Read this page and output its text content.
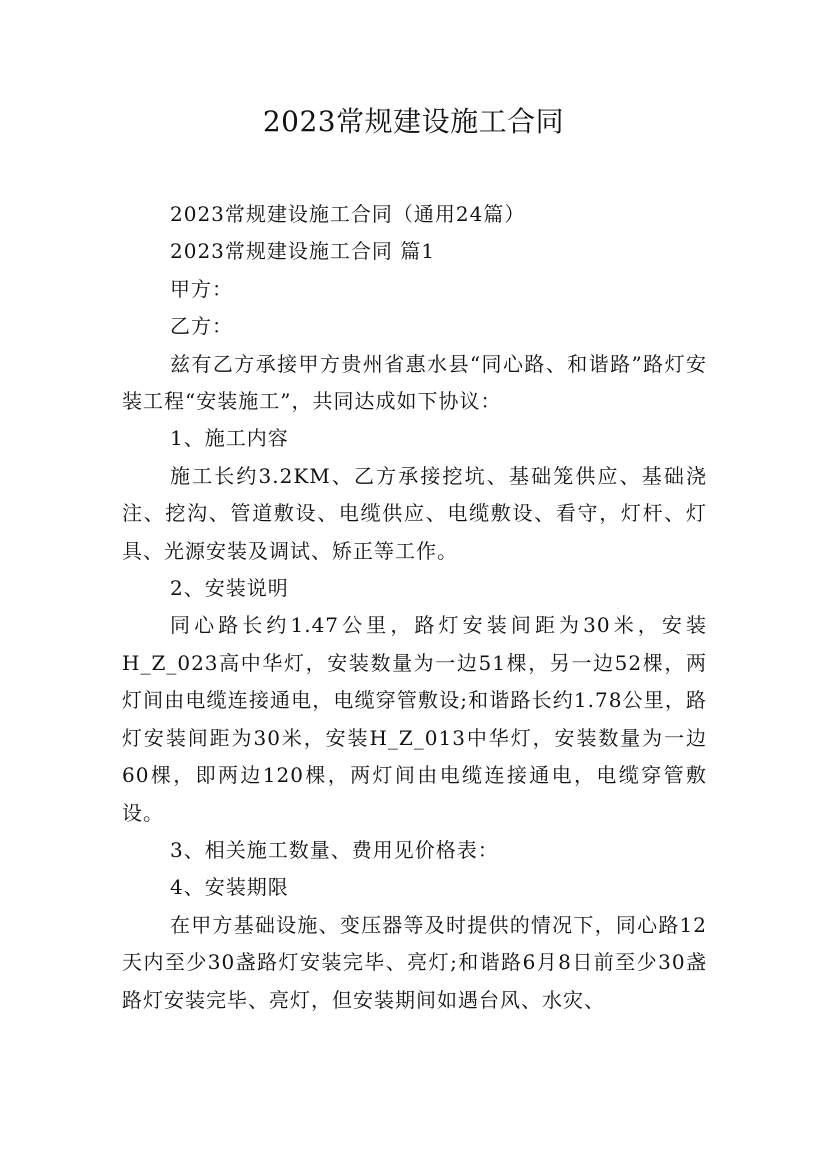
2023常规建设施工合同

2023常规建设施工合同（通用24篇）

2023常规建设施工合同 篇1

甲方：

乙方：

兹有乙方承接甲方贵州省惠水县“同心路、和谐路”路灯安装工程“安装施工”，共同达成如下协议：

1、施工内容

施工长约3.2KM、乙方承接挖坑、基础笼供应、基础浇注、挖沟、管道敷设、电缆供应、电缆敷设、看守，灯杆、灯具、光源安装及调试、矫正等工作。

2、安装说明

同心路长约1.47公里，路灯安装间距为30米，安装H_Z_023高中华灯，安装数量为一边51棵，另一边52棵，两灯间由电缆连接通电，电缆穿管敷设;和谐路长约1.78公里，路灯安装间距为30米，安装H_Z_013中华灯，安装数量为一边60棵，即两边120棵，两灯间由电缆连接通电，电缆穿管敷设。

3、相关施工数量、费用见价格表：

4、安装期限

在甲方基础设施、变压器等及时提供的情况下，同心路12天内至少30盏路灯安装完毕、亮灯;和谐路6月8日前至少30盏路灯安装完毕、亮灯，但安装期间如遇台风、水灾、
